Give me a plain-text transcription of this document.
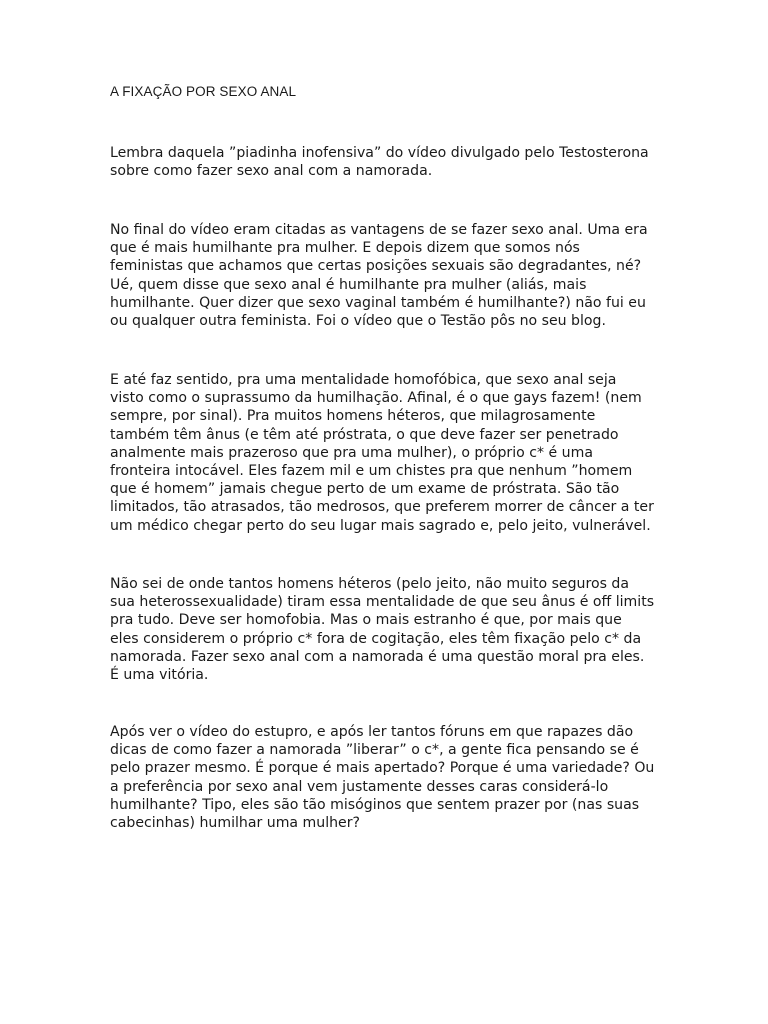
A FIXAÇÃO POR SEXO ANAL

Lembra daquela ”piadinha inofensiva” do vídeo divulgado pelo Testosterona
sobre como fazer sexo anal com a namorada.

No final do vídeo eram citadas as vantagens de se fazer sexo anal. Uma era
que é mais humilhante pra mulher. E depois dizem que somos nós
feministas que achamos que certas posições sexuais são degradantes, né?
Ué, quem disse que sexo anal é humilhante pra mulher (aliás, mais
humilhante. Quer dizer que sexo vaginal também é humilhante?) não fui eu
ou qualquer outra feminista. Foi o vídeo que o Testão pôs no seu blog.

E até faz sentido, pra uma mentalidade homofóbica, que sexo anal seja
visto como o suprassumo da humilhação. Afinal, é o que gays fazem! (nem
sempre, por sinal). Pra muitos homens héteros, que milagrosamente
também têm ânus (e têm até próstrata, o que deve fazer ser penetrado
analmente mais prazeroso que pra uma mulher), o próprio c* é uma
fronteira intocável. Eles fazem mil e um chistes pra que nenhum ”homem
que é homem” jamais chegue perto de um exame de próstrata. São tão
limitados, tão atrasados, tão medrosos, que preferem morrer de câncer a ter
um médico chegar perto do seu lugar mais sagrado e, pelo jeito, vulnerável.

Não sei de onde tantos homens héteros (pelo jeito, não muito seguros da
sua heterossexualidade) tiram essa mentalidade de que seu ânus é off limits
pra tudo. Deve ser homofobia. Mas o mais estranho é que, por mais que
eles considerem o próprio c* fora de cogitação, eles têm fixação pelo c* da
namorada. Fazer sexo anal com a namorada é uma questão moral pra eles.
É uma vitória.

Após ver o vídeo do estupro, e após ler tantos fóruns em que rapazes dão
dicas de como fazer a namorada ”liberar” o c*, a gente fica pensando se é
pelo prazer mesmo. É porque é mais apertado? Porque é uma variedade? Ou
a preferência por sexo anal vem justamente desses caras considerá-lo
humilhante? Tipo, eles são tão misóginos que sentem prazer por (nas suas
cabecinhas) humilhar uma mulher?
